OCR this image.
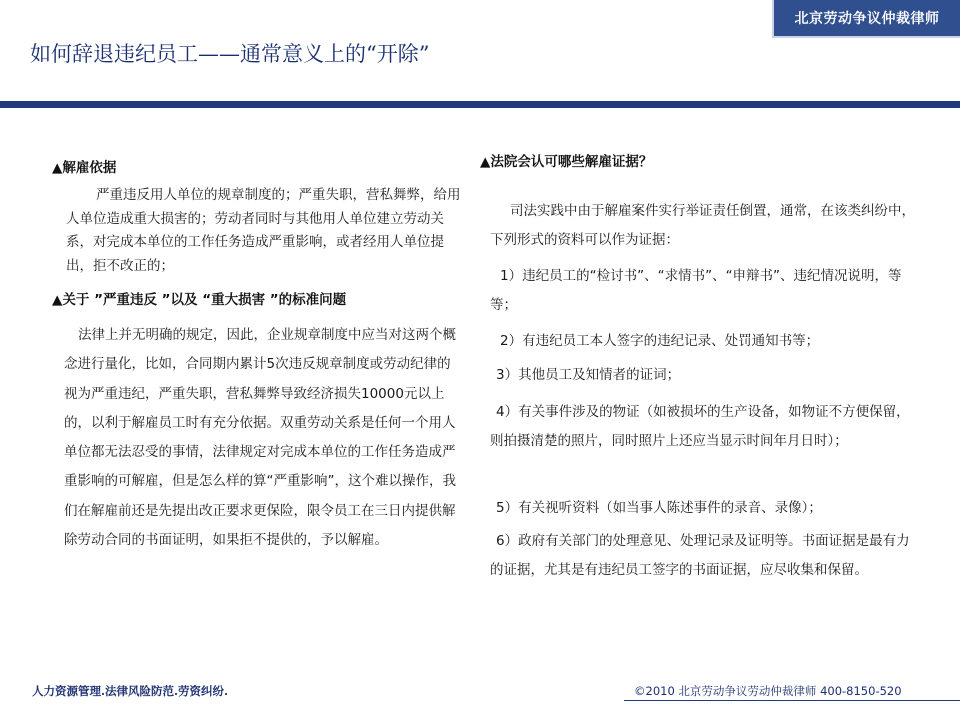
北京劳动争议仲裁律师
如何辞退违纪员工——通常意义上的“开除”

▲解雇依据

严重违反用人单位的规章制度的；严重失职，营私舞弊，给用人单位造成重大损害的；劳动者同时与其他用人单位建立劳动关系，对完成本单位的工作任务造成严重影响，或者经用人单位提出，拒不改正的；

▲关于 ”严重违反 ”以及 “重大损害 ”的标准问题

法律上并无明确的规定，因此，企业规章制度中应当对这两个概念进行量化，比如，合同期内累计5次违反规章制度或劳动纪律的视为严重违纪，严重失职，营私舞弊导致经济损失10000元以上的，以利于解雇员工时有充分依据。双重劳动关系是任何一个用人单位都无法忍受的事情，法律规定对完成本单位的工作任务造成严重影响的可解雇，但是怎么样的算“严重影响”，这个难以操作，我们在解雇前还是先提出改正要求更保险，限令员工在三日内提供解除劳动合同的书面证明，如果拒不提供的，予以解雇。

▲法院会认可哪些解雇证据？

司法实践中由于解雇案件实行举证责任倒置，通常，在该类纠纷中，下列形式的资料可以作为证据：

1）违纪员工的“检讨书”、“求情书”、“申辩书”、违纪情况说明，等等；

2）有违纪员工本人签字的违纪记录、处罚通知书等；

3）其他员工及知情者的证词；

4）有关事件涉及的物证（如被损坏的生产设备，如物证不方便保留，则拍摄清楚的照片，同时照片上还应当显示时间年月日时）；

5）有关视听资料（如当事人陈述事件的录音、录像）；

6）政府有关部门的处理意见、处理记录及证明等。书面证据是最有力的证据，尤其是有违纪员工签字的书面证据，应尽收集和保留。

人力资源管理.法律风险防范.劳资纠纷.	©2010 北京劳动争议劳动仲裁律师 400-8150-520
